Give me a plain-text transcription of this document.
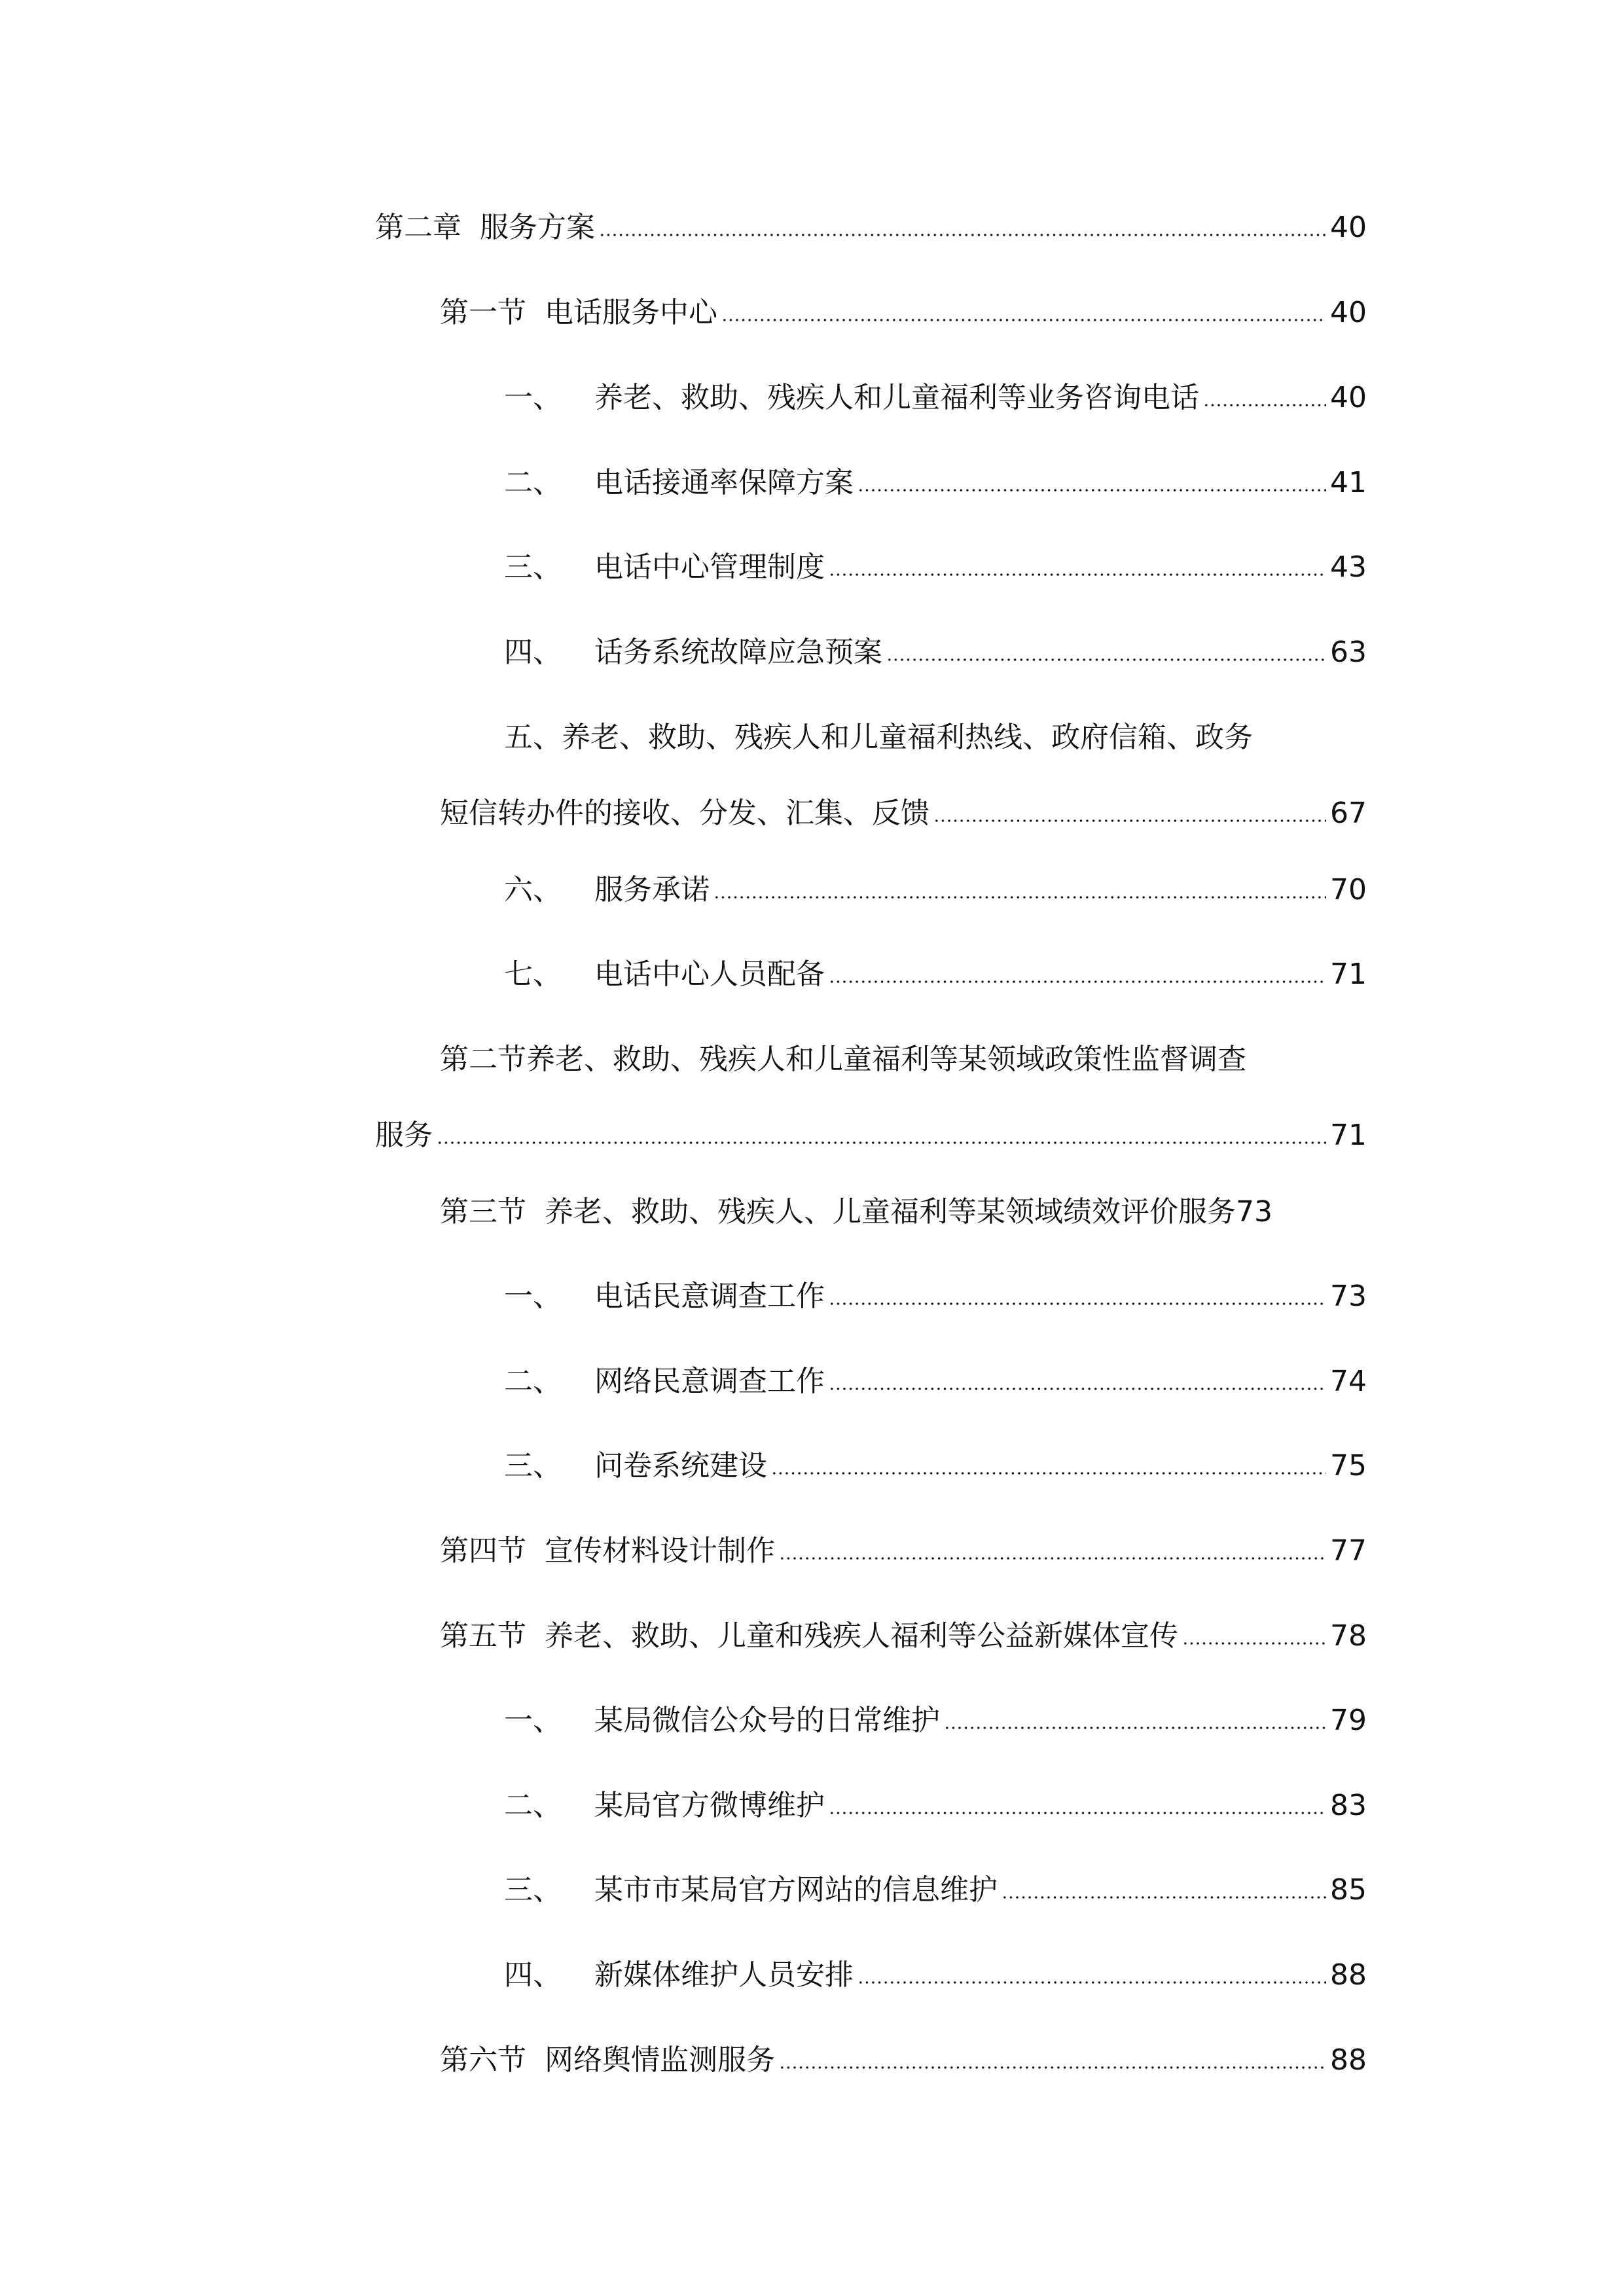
第二章 服务方案	40
第一节 电话服务中心	40
一、 养老、救助、残疾人和儿童福利等业务咨询电话	40
二、 电话接通率保障方案	41
三、 电话中心管理制度	43
四、 话务系统故障应急预案	63
五、养老、救助、残疾人和儿童福利热线、政府信箱、政务
短信转办件的接收、分发、汇集、反馈	67
六、 服务承诺	70
七、 电话中心人员配备	71
第二节养老、救助、残疾人和儿童福利等某领域政策性监督调查
服务	71
第三节 养老、救助、残疾人、儿童福利等某领域绩效评价服务 73
一、 电话民意调查工作	73
二、 网络民意调查工作	74
三、 问卷系统建设	75
第四节 宣传材料设计制作	77
第五节 养老、救助、儿童和残疾人福利等公益新媒体宣传	78
一、 某局微信公众号的日常维护	79
二、 某局官方微博维护	83
三、 某市市某局官方网站的信息维护	85
四、 新媒体维护人员安排	88
第六节 网络舆情监测服务	88
